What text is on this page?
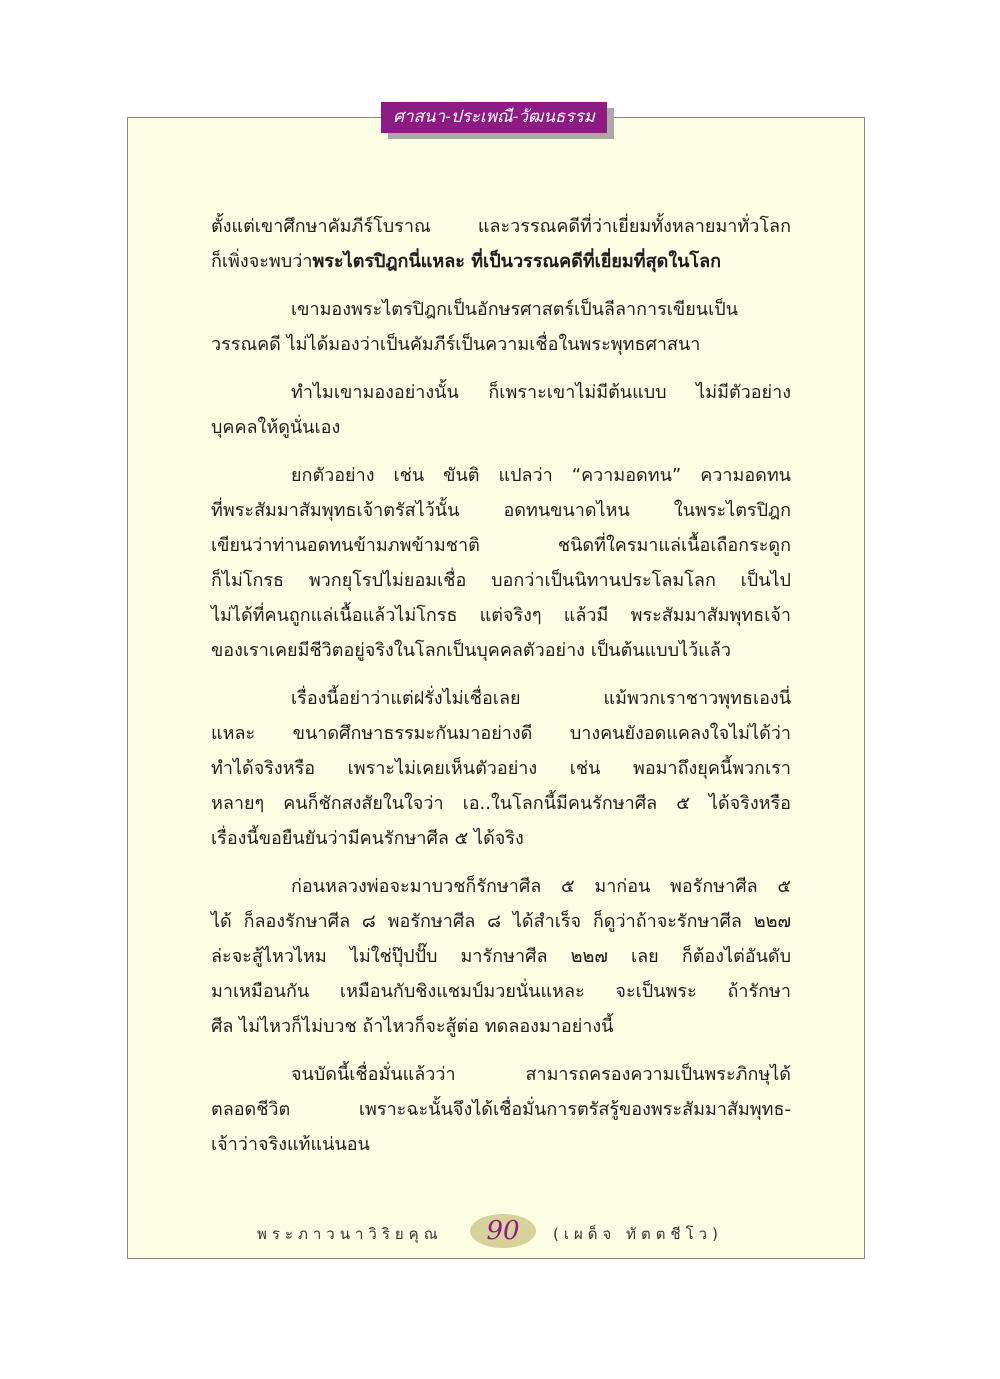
ศาสนา-ประเพณี-วัฒนธรรม

ตั้งแต่เขาศึกษาคัมภีร์โบราณ และวรรณคดีที่ว่าเยี่ยมทั้งหลายมาทั่วโลก
ก็เพิ่งจะพบว่าพระไตรปิฎกนี่แหละ ที่เป็นวรรณคดีที่เยี่ยมที่สุดในโลก

เขามองพระไตรปิฎกเป็นอักษรศาสตร์เป็นลีลาการเขียนเป็น
วรรณคดี ไม่ได้มองว่าเป็นคัมภีร์เป็นความเชื่อในพระพุทธศาสนา

ทำไมเขามองอย่างนั้น ก็เพราะเขาไม่มีต้นแบบ ไม่มีตัวอย่าง
บุคคลให้ดูนั่นเอง

ยกตัวอย่าง เช่น ขันติ แปลว่า “ความอดทน” ความอดทน
ที่พระสัมมาสัมพุทธเจ้าตรัสไว้นั้น อดทนขนาดไหน ในพระไตรปิฎก
เขียนว่าท่านอดทนข้ามภพข้ามชาติ ชนิดที่ใครมาแล่เนื้อเถือกระดูก
ก็ไม่โกรธ พวกยุโรปไม่ยอมเชื่อ บอกว่าเป็นนิทานประโลมโลก เป็นไป
ไม่ได้ที่คนถูกแล่เนื้อแล้วไม่โกรธ แต่จริงๆ แล้วมี พระสัมมาสัมพุทธเจ้า
ของเราเคยมีชีวิตอยู่จริงในโลกเป็นบุคคลตัวอย่าง เป็นต้นแบบไว้แล้ว

เรื่องนี้อย่าว่าแต่ฝรั่งไม่เชื่อเลย แม้พวกเราชาวพุทธเองนี่
แหละ ขนาดศึกษาธรรมะกันมาอย่างดี บางคนยังอดแคลงใจไม่ได้ว่า
ทำได้จริงหรือ เพราะไม่เคยเห็นตัวอย่าง เช่น พอมาถึงยุคนี้พวกเรา
หลายๆ คนก็ชักสงสัยในใจว่า เอ..ในโลกนี้มีคนรักษาศีล ๕ ได้จริงหรือ
เรื่องนี้ขอยืนยันว่ามีคนรักษาศีล ๕ ได้จริง

ก่อนหลวงพ่อจะมาบวชก็รักษาศีล ๕ มาก่อน พอรักษาศีล ๕
ได้ ก็ลองรักษาศีล ๘ พอรักษาศีล ๘ ได้สำเร็จ ก็ดูว่าถ้าจะรักษาศีล ๒๒๗
ล่ะจะสู้ไหวไหม ไม่ใช่ปุ๊ปปั๊บ มารักษาศีล ๒๒๗ เลย ก็ต้องไต่อันดับ
มาเหมือนกัน เหมือนกับชิงแชมป์มวยนั่นแหละ จะเป็นพระ ถ้ารักษา
ศีล ไม่ไหวก็ไม่บวช ถ้าไหวก็จะสู้ต่อ ทดลองมาอย่างนี้

จนบัดนี้เชื่อมั่นแล้วว่า สามารถครองความเป็นพระภิกษุได้
ตลอดชีวิต เพราะฉะนั้นจึงได้เชื่อมั่นการตรัสรู้ของพระสัมมาสัมพุทธ-
เจ้าว่าจริงแท้แน่นอน

พระภาวนาวิริยคุณ	90	(เผด็จ ทัตตชีโว)
